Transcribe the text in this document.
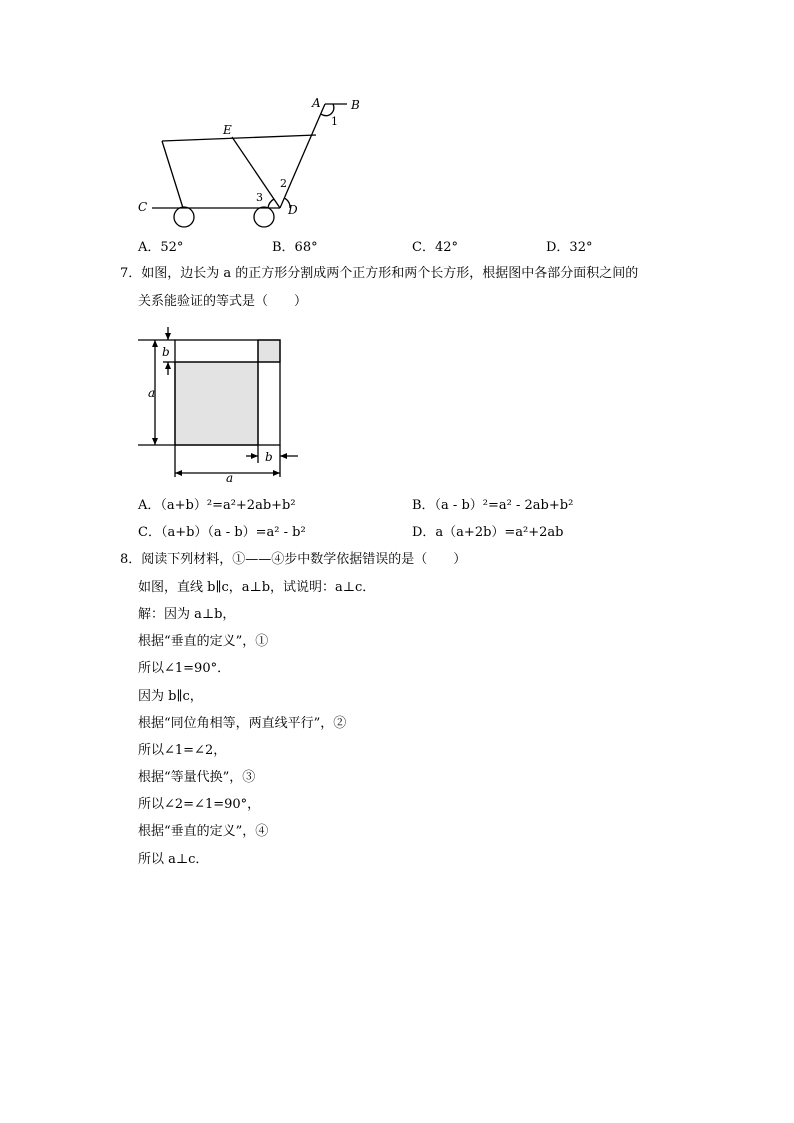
A	B
E
C	D
1
2
3
A．52°	B．68°	C．42°	D．32°
7．如图，边长为 a 的正方形分割成两个正方形和两个长方形，根据图中各部分面积之间的
关系能验证的等式是（　　）
b
a
b
a
A．（a+b）²=a²+2ab+b²	B．（a - b）²=a² - 2ab+b²
C．（a+b）（a - b）=a² - b²	D．a（a+2b）=a²+2ab
8．阅读下列材料，①——④步中数学依据错误的是（　　）
如图，直线 b∥c，a⊥b，试说明：a⊥c．
解：因为 a⊥b，
根据“垂直的定义”，①
所以∠1=90°．
因为 b∥c，
根据“同位角相等，两直线平行”，②
所以∠1=∠2，
根据“等量代换”，③
所以∠2=∠1=90°，
根据“垂直的定义”，④
所以 a⊥c．
